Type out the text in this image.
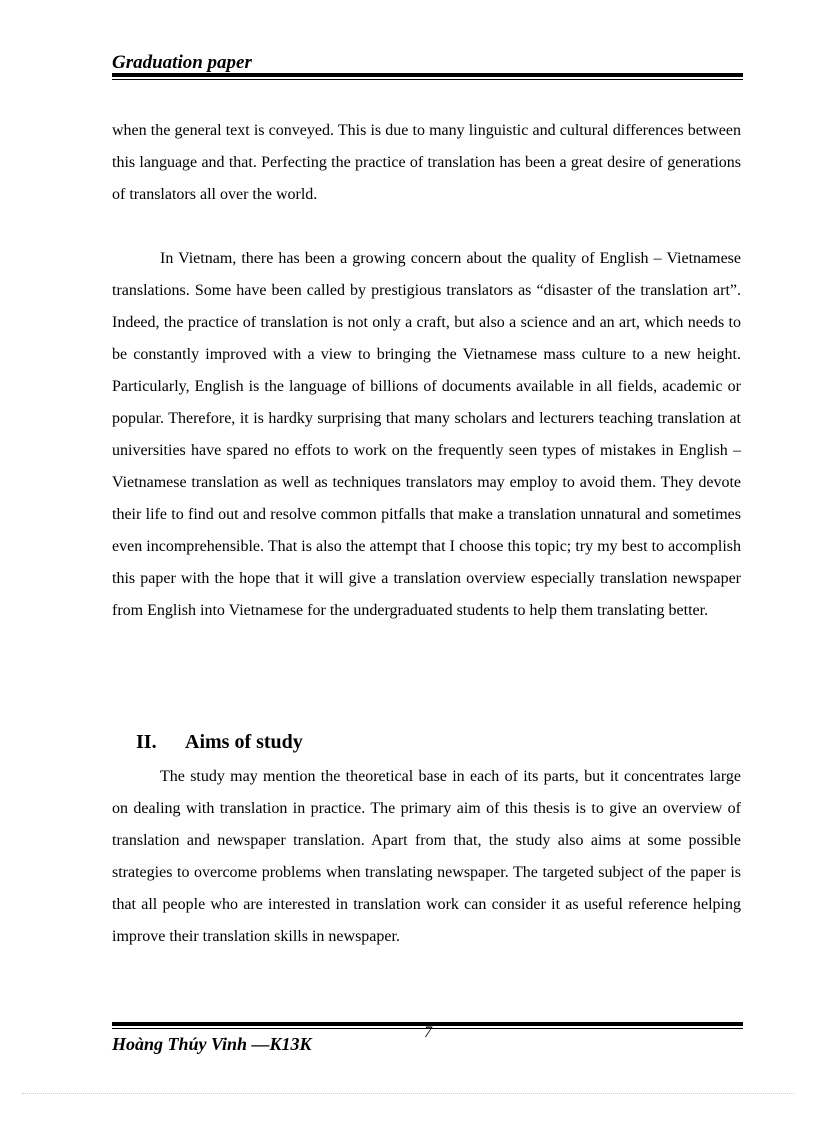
Graduation paper

when the general text is conveyed. This is due to many linguistic and cultural differences between this language and that. Perfecting the practice of translation has been a great desire of generations of translators all over the world.

In Vietnam, there has been a growing concern about the quality of English – Vietnamese translations. Some have been called by prestigious translators as “disaster of the translation art”. Indeed, the practice of translation is not only a craft, but also a science and an art, which needs to be constantly improved with a view to bringing the Vietnamese mass culture to a new height. Particularly, English is the language of billions of documents available in all fields, academic or popular. Therefore, it is hardky surprising that many scholars and lecturers teaching translation at universities have spared no effots to work on the frequently seen types of mistakes in English – Vietnamese translation as well as techniques translators may employ to avoid them. They devote their life to find out and resolve common pitfalls that make a translation unnatural and sometimes even incomprehensible. That is also the attempt that I choose this topic; try my best to accomplish this paper with the hope that it will give a translation overview especially translation newspaper from English into Vietnamese for the undergraduated students to help them translating better.

II. Aims of study

The study may mention the theoretical base in each of its parts, but it concentrates large on dealing with translation in practice. The primary aim of this thesis is to give an overview of translation and newspaper translation. Apart from that, the study also aims at some possible strategies to overcome problems when translating newspaper. The targeted subject of the paper is that all people who are interested in translation work can consider it as useful reference helping improve their translation skills in newspaper.

Hoàng Thúy Vinh —K13K
7
